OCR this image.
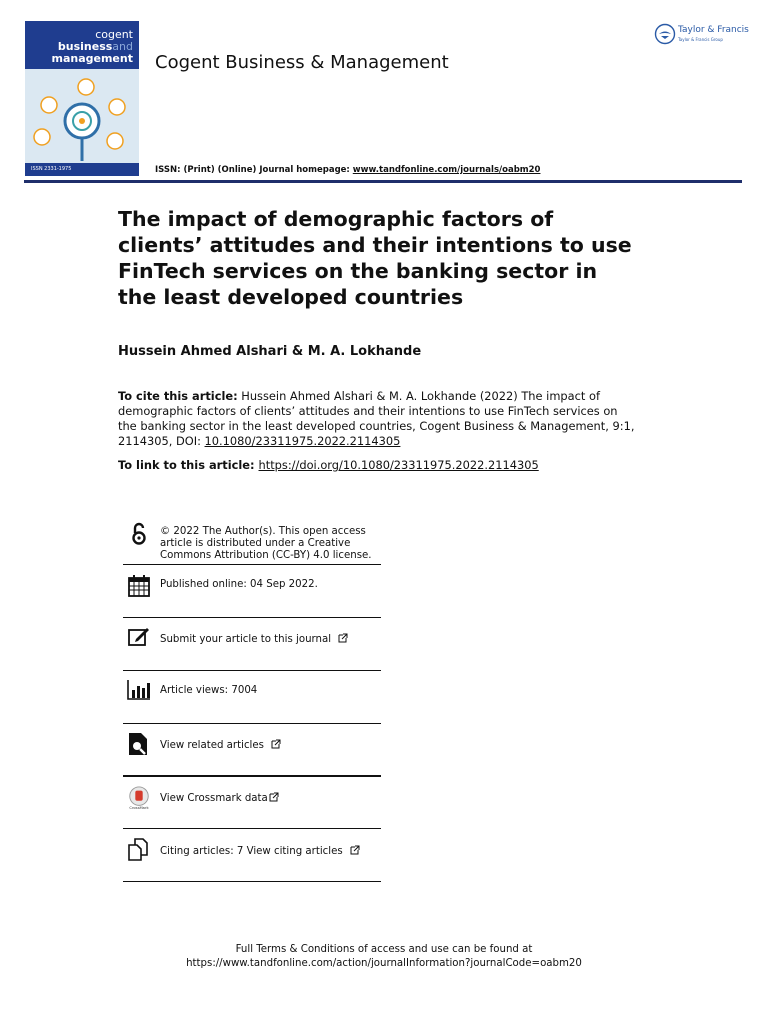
cogent
businessand
management
ISSN 2331-1975
Cogent Business & Management
Taylor & Francis
Taylor & Francis Group
ISSN: (Print) (Online) Journal homepage: www.tandfonline.com/journals/oabm20
The impact of demographic factors of clients’ attitudes and their intentions to use FinTech services on the banking sector in the least developed countries
Hussein Ahmed Alshari & M. A. Lokhande
To cite this article: Hussein Ahmed Alshari & M. A. Lokhande (2022) The impact of demographic factors of clients’ attitudes and their intentions to use FinTech services on the banking sector in the least developed countries, Cogent Business & Management, 9:1, 2114305, DOI: 10.1080/23311975.2022.2114305
To link to this article: https://doi.org/10.1080/23311975.2022.2114305
© 2022 The Author(s). This open access article is distributed under a Creative Commons Attribution (CC-BY) 4.0 license.
Published online: 04 Sep 2022.
Submit your article to this journal
Article views: 7004
View related articles
CrossMark
View Crossmark data
Citing articles: 7 View citing articles
Full Terms & Conditions of access and use can be found at
https://www.tandfonline.com/action/journalInformation?journalCode=oabm20
